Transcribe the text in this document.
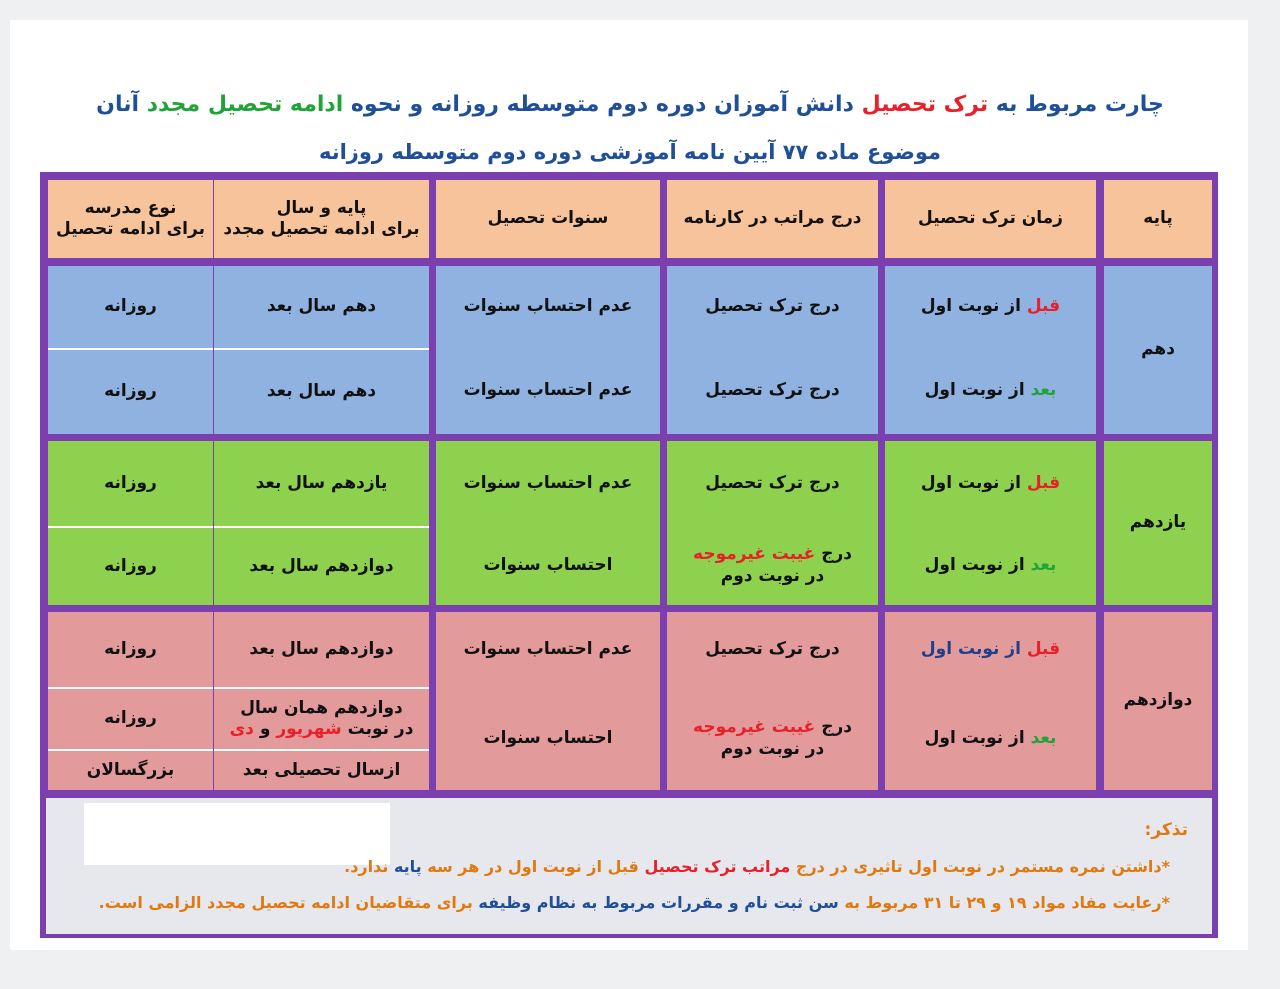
چارت مربوط به ترک تحصیل دانش آموزان دوره دوم متوسطه روزانه و نحوه ادامه تحصیل مجدد آنان
موضوع ماده ۷۷ آیین نامه آموزشی دوره دوم متوسطه روزانه
پایه
زمان ترک تحصیل
درج مراتب در کارنامه
سنوات تحصیل
پایه و سال
برای ادامه تحصیل مجدد
نوع مدرسه
برای ادامه تحصیل
دهم
یازدهم
دوازدهم
قبل

از نوبت اول
بعد

از نوبت اول
قبل

از نوبت اول
بعد

از نوبت اول
قبل

از نوبت اول
بعد

از نوبت اول
درج ترک تحصیل
درج ترک تحصیل
درج ترک تحصیل
درج غیبت غیرموجه
در نوبت دوم
درج ترک تحصیل
درج غیبت غیرموجه
در نوبت دوم
عدم احتساب سنوات
عدم احتساب سنوات
عدم احتساب سنوات
احتساب سنوات
عدم احتساب سنوات
احتساب سنوات
دهم سال بعد
دهم سال بعد
یازدهم سال بعد
دوازدهم سال بعد
دوازدهم سال بعد
دوازدهم همان سال
در نوبت شهریور و دی
ازسال تحصیلی بعد
روزانه
روزانه
روزانه
روزانه
روزانه
روزانه
بزرگسالان
تذکر:
*داشتن نمره مستمر در نوبت اول تاثیری در درج مراتب ترک تحصیل قبل از نوبت اول در هر سه پایه ندارد.
*رعایت مفاد مواد ۱۹ و ۲۹ تا ۳۱ مربوط به سن ثبت نام و مقررات مربوط به نظام وظیفه برای متقاضیان ادامه تحصیل مجدد الزامی است.
